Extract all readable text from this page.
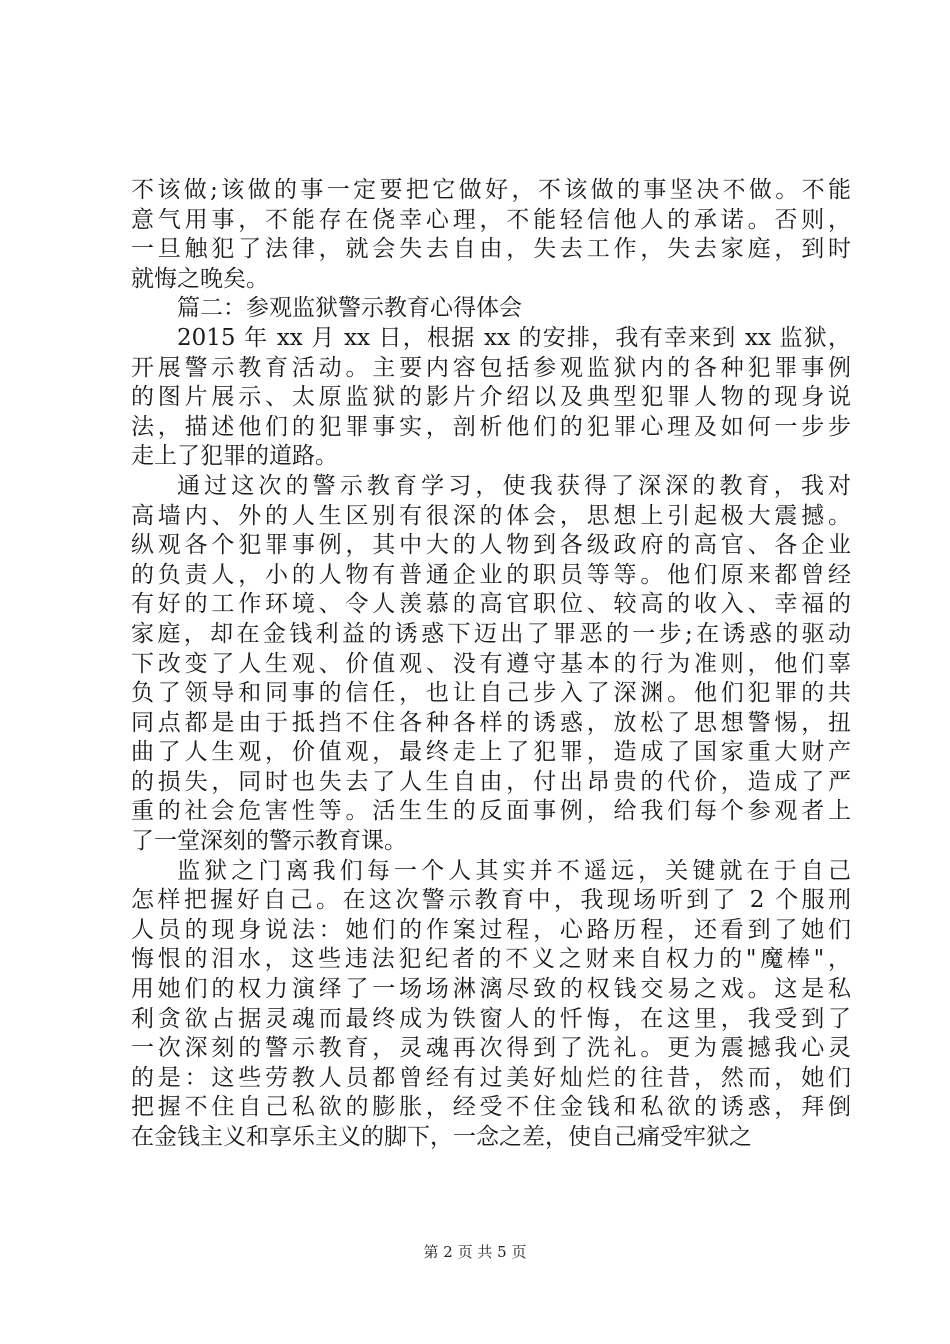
不该做;该做的事一定要把它做好，不该做的事坚决不做。不能
意气用事，不能存在侥幸心理，不能轻信他人的承诺。否则，
一旦触犯了法律，就会失去自由，失去工作，失去家庭，到时
就悔之晚矣。
篇二：参观监狱警示教育心得体会
2015 年 xx 月 xx 日，根据 xx 的安排，我有幸来到 xx 监狱，
开展警示教育活动。主要内容包括参观监狱内的各种犯罪事例
的图片展示、太原监狱的影片介绍以及典型犯罪人物的现身说
法，描述他们的犯罪事实，剖析他们的犯罪心理及如何一步步
走上了犯罪的道路。
通过这次的警示教育学习，使我获得了深深的教育，我对
高墙内、外的人生区别有很深的体会，思想上引起极大震撼。
纵观各个犯罪事例，其中大的人物到各级政府的高官、各企业
的负责人，小的人物有普通企业的职员等等。他们原来都曾经
有好的工作环境、令人羡慕的高官职位、较高的收入、幸福的
家庭，却在金钱利益的诱惑下迈出了罪恶的一步;在诱惑的驱动
下改变了人生观、价值观、没有遵守基本的行为准则，他们辜
负了领导和同事的信任，也让自己步入了深渊。他们犯罪的共
同点都是由于抵挡不住各种各样的诱惑，放松了思想警惕，扭
曲了人生观，价值观，最终走上了犯罪，造成了国家重大财产
的损失，同时也失去了人生自由，付出昂贵的代价，造成了严
重的社会危害性等。活生生的反面事例，给我们每个参观者上
了一堂深刻的警示教育课。
监狱之门离我们每一个人其实并不遥远，关键就在于自己
怎样把握好自己。在这次警示教育中，我现场听到了 2 个服刑
人员的现身说法：她们的作案过程，心路历程，还看到了她们
悔恨的泪水，这些违法犯纪者的不义之财来自权力的"魔棒"，
用她们的权力演绎了一场场淋漓尽致的权钱交易之戏。这是私
利贪欲占据灵魂而最终成为铁窗人的忏悔，在这里，我受到了
一次深刻的警示教育，灵魂再次得到了洗礼。更为震撼我心灵
的是：这些劳教人员都曾经有过美好灿烂的往昔，然而，她们
把握不住自己私欲的膨胀，经受不住金钱和私欲的诱惑，拜倒
在金钱主义和享乐主义的脚下，一念之差，使自己痛受牢狱之
第 2 页 共 5 页
